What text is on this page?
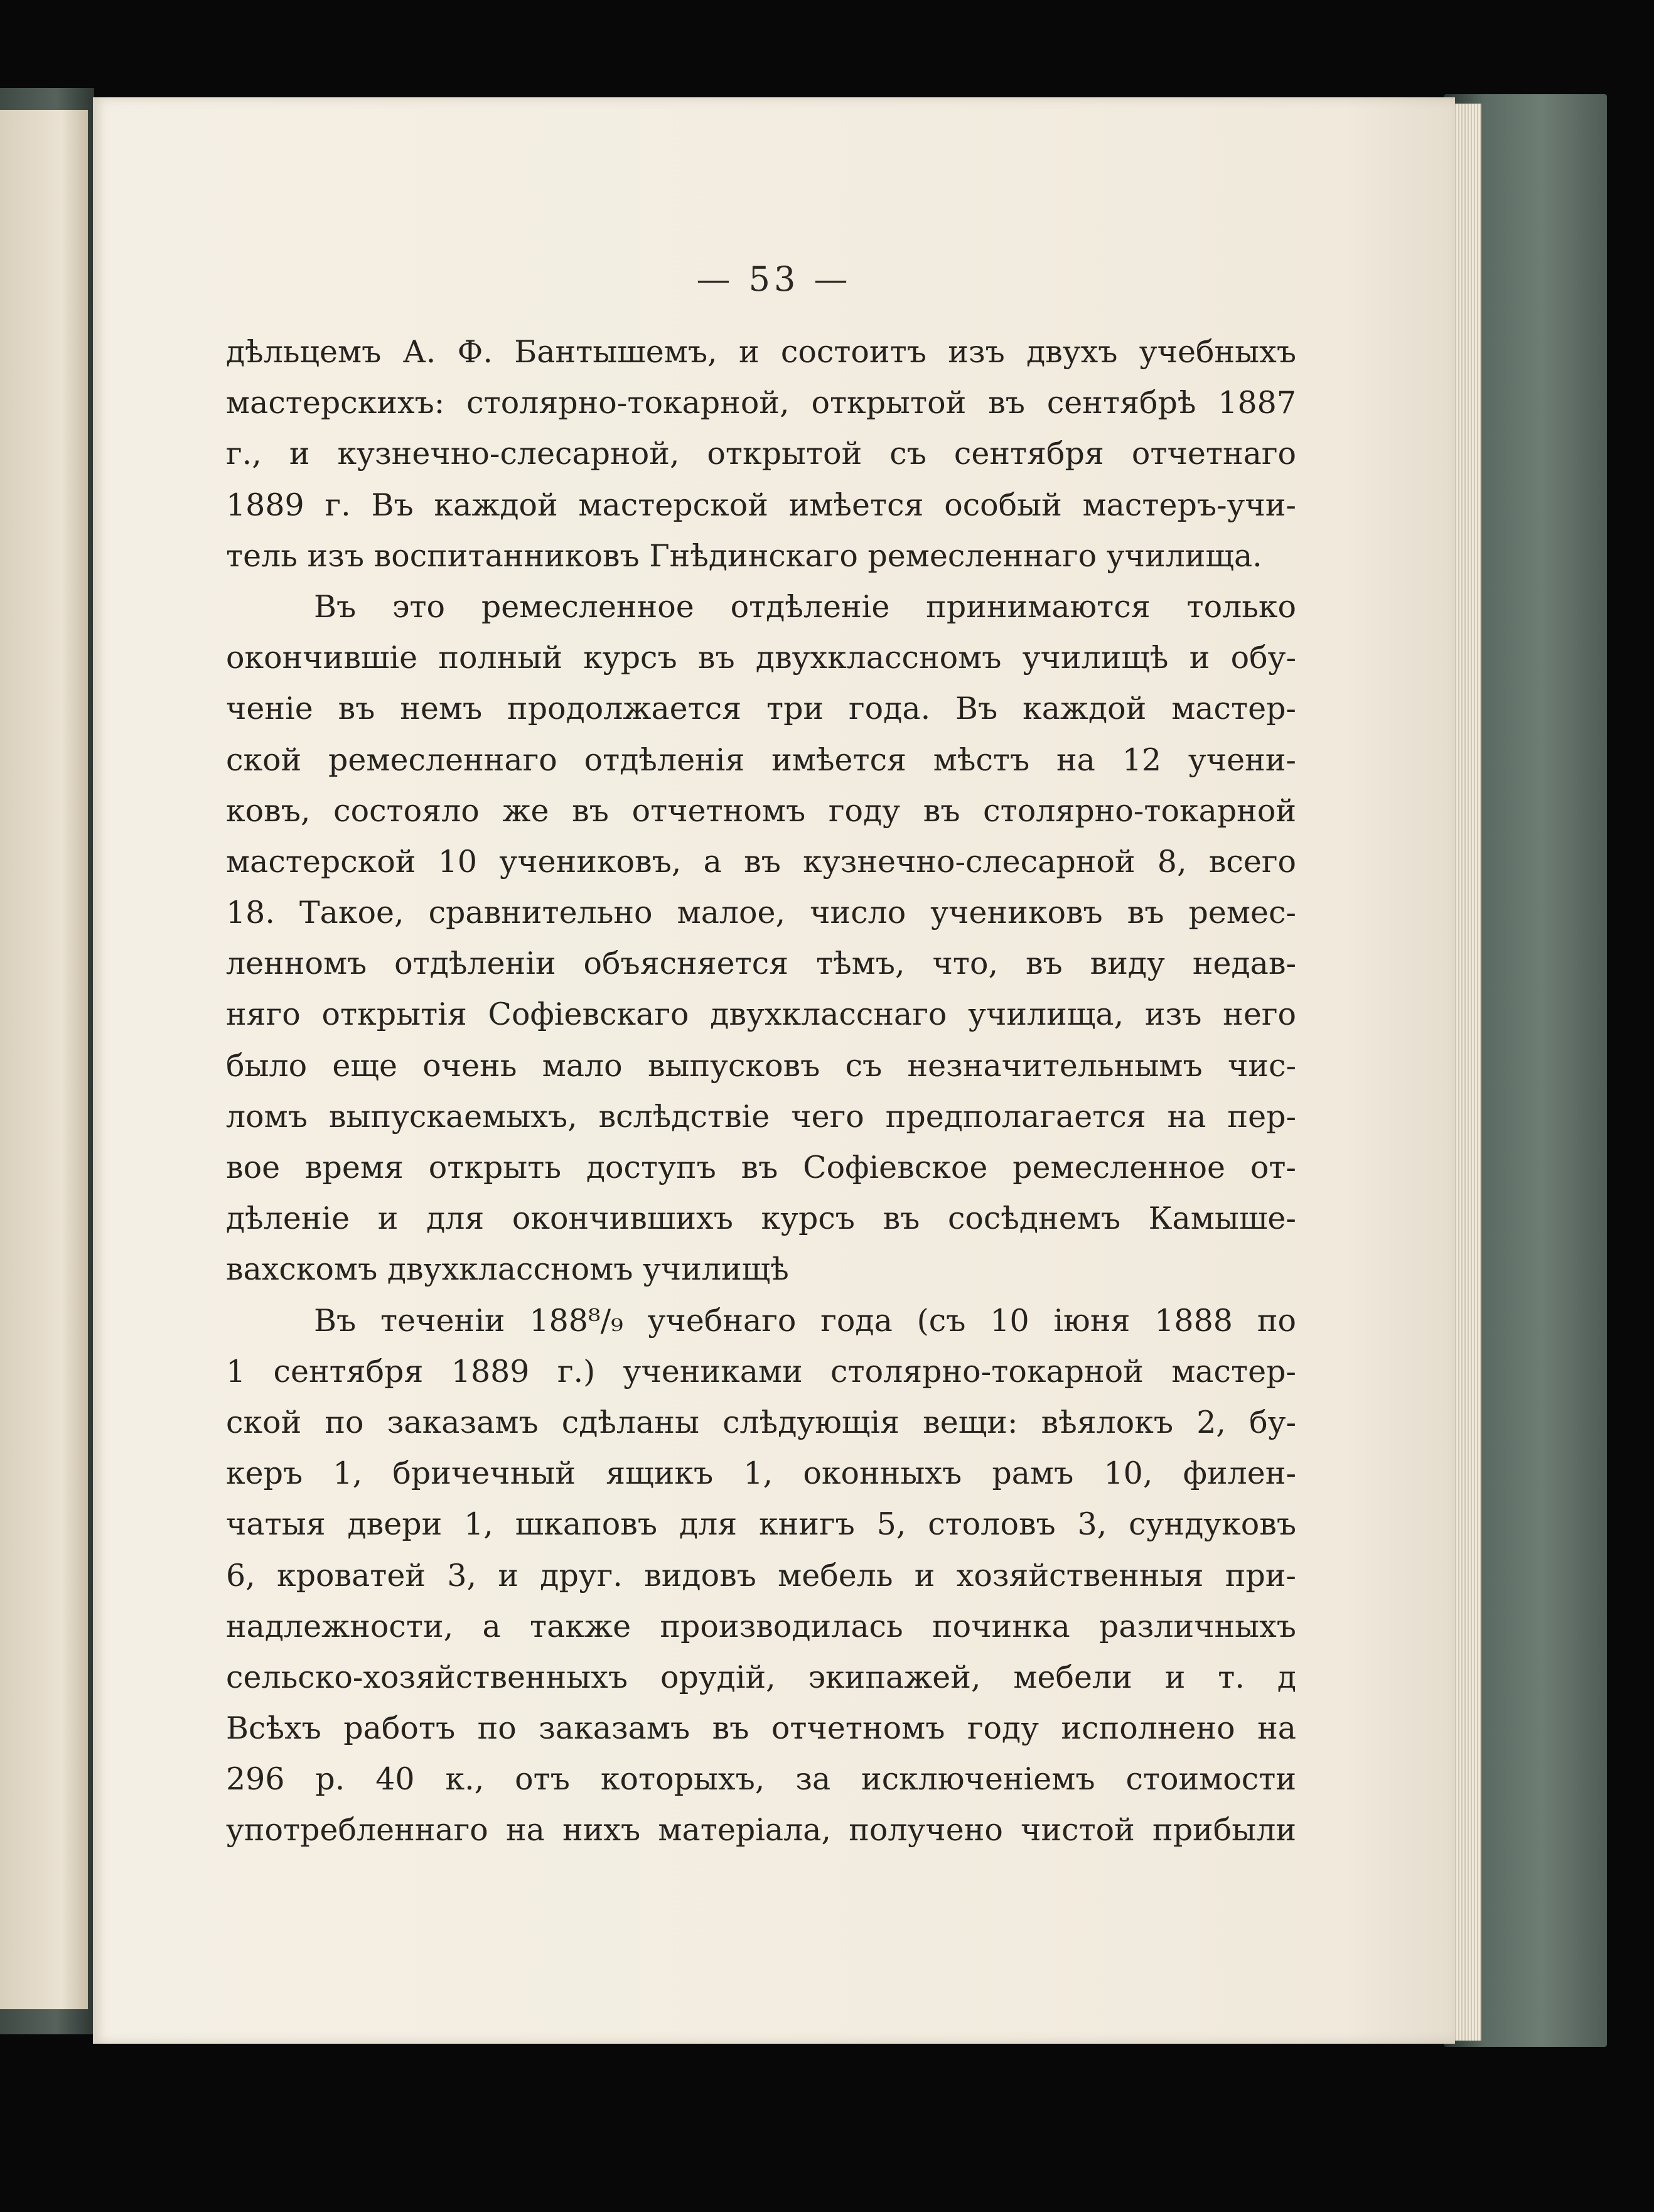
— 53 —
дѣльцемъ А. Ф. Бантышемъ, и состоитъ изъ двухъ учебныхъ
мастерскихъ: столярно-токарной, открытой въ сентябрѣ 1887
г., и кузнечно-слесарной, открытой съ сентября отчетнаго
1889 г. Въ каждой мастерской имѣется особый мастеръ-учи-
тель изъ воспитанниковъ Гнѣдинскаго ремесленнаго училища.
Въ это ремесленное отдѣленіе принимаются только
окончившіе полный курсъ въ двухклассномъ училищѣ и обу-
ченіе въ немъ продолжается три года. Въ каждой мастер-
ской ремесленнаго отдѣленія имѣется мѣстъ на 12 учени-
ковъ, состояло же въ отчетномъ году въ столярно-токарной
мастерской 10 учениковъ, а въ кузнечно-слесарной 8, всего
18. Такое, сравнительно малое, число учениковъ въ ремес-
ленномъ отдѣленіи объясняется тѣмъ, что, въ виду недав-
няго открытія Софіевскаго двухкласснаго училища, изъ него
было еще очень мало выпусковъ съ незначительнымъ чис-
ломъ выпускаемыхъ, вслѣдствіе чего предполагается на пер-
вое время открыть доступъ въ Софіевское ремесленное от-
дѣленіе и для окончившихъ курсъ въ сосѣднемъ Камыше-
вахскомъ двухклассномъ училищѣ
Въ теченіи 188⁸/₉ учебнаго года (съ 10 іюня 1888 по
1 сентября 1889 г.) учениками столярно-токарной мастер-
ской по заказамъ сдѣланы слѣдующія вещи: вѣялокъ 2, бу-
керъ 1, бричечный ящикъ 1, оконныхъ рамъ 10, филен-
чатыя двери 1, шкаповъ для книгъ 5, столовъ 3, сундуковъ
6, кроватей 3, и друг. видовъ мебель и хозяйственныя при-
надлежности, а также производилась починка различныхъ
сельско-хозяйственныхъ орудій, экипажей, мебели и т. д
Всѣхъ работъ по заказамъ въ отчетномъ году исполнено на
296 р. 40 к., отъ которыхъ, за исключеніемъ стоимости
употребленнаго на нихъ матеріала, получено чистой прибыли
